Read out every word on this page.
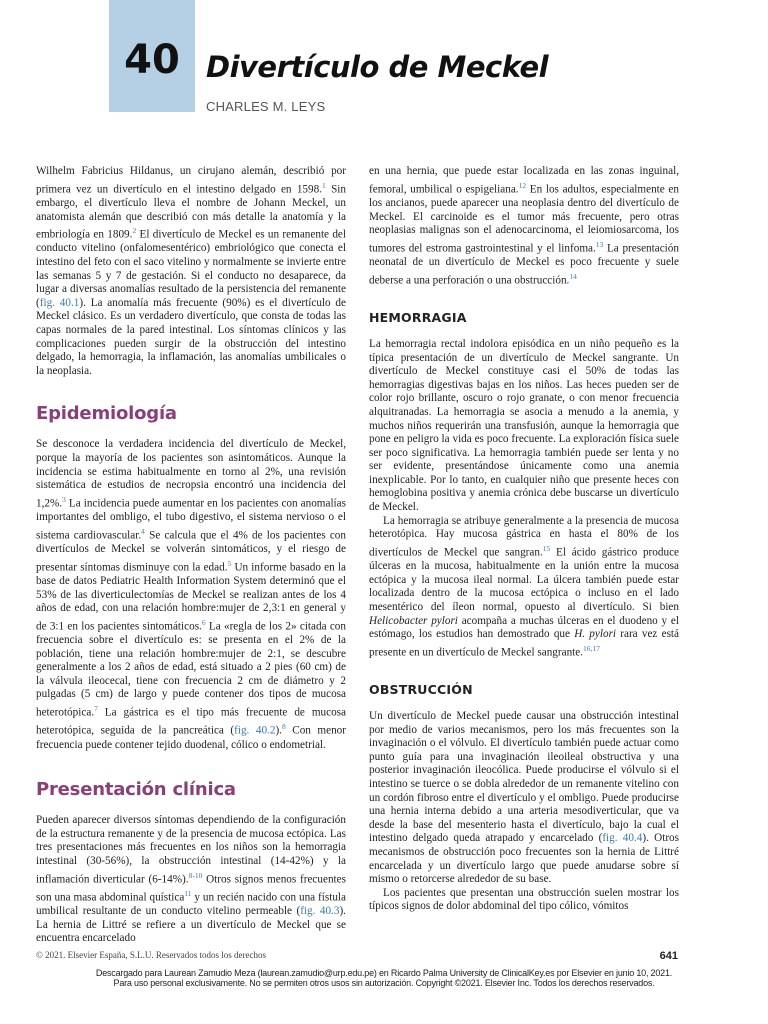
40 Divertículo de Meckel
CHARLES M. LEYS

Wilhelm Fabricius Hildanus, un cirujano alemán, describió por primera vez un divertículo en el intestino delgado en 1598.$^1$ Sin embargo, el divertículo lleva el nombre de Johann Meckel, un anatomista alemán que describió con más detalle la anatomía y la embriología en 1809.$^2$ El divertículo de Meckel es un remanente del conducto vitelino (onfalomesentérico) embriológico que conecta el intestino del feto con el saco vitelino y normalmente se invierte entre las semanas 5 y 7 de gestación. Si el conducto no desaparece, da lugar a diversas anomalías resultado de la persistencia del remanente (fig. 40.1). La anomalía más frecuente (90%) es el divertículo de Meckel clásico. Es un verdadero divertículo, que consta de todas las capas normales de la pared intestinal. Los síntomas clínicos y las complicaciones pueden surgir de la obstrucción del intestino delgado, la hemorragia, la inflamación, las anomalías umbilicales o la neoplasia.

Epidemiología

Se desconoce la verdadera incidencia del divertículo de Meckel, porque la mayoría de los pacientes son asintomáticos. Aunque la incidencia se estima habitualmente en torno al 2%, una revisión sistemática de estudios de necropsia encontró una incidencia del 1,2%.$^3$ La incidencia puede aumentar en los pacientes con anomalías importantes del ombligo, el tubo digestivo, el sistema nervioso o el sistema cardiovascular.$^4$ Se calcula que el 4% de los pacientes con divertículos de Meckel se volverán sintomáticos, y el riesgo de presentar síntomas disminuye con la edad.$^5$ Un informe basado en la base de datos Pediatric Health Information System determinó que el 53% de las diverticulectomías de Meckel se realizan antes de los 4 años de edad, con una relación hombre:mujer de 2,3:1 en general y de 3:1 en los pacientes sintomáticos.$^6$ La «regla de los 2» citada con frecuencia sobre el divertículo es: se presenta en el 2% de la población, tiene una relación hombre:mujer de 2:1, se descubre generalmente a los 2 años de edad, está situado a 2 pies (60 cm) de la válvula ileocecal, tiene con frecuencia 2 cm de diámetro y 2 pulgadas (5 cm) de largo y puede contener dos tipos de mucosa heterotópica.$^7$ La gástrica es el tipo más frecuente de mucosa heterotópica, seguida de la pancreática (fig. 40.2).$^8$ Con menor frecuencia puede contener tejido duodenal, cólico o endometrial.

Presentación clínica

Pueden aparecer diversos síntomas dependiendo de la configuración de la estructura remanente y de la presencia de mucosa ectópica. Las tres presentaciones más frecuentes en los niños son la hemorragia intestinal (30-56%), la obstrucción intestinal (14-42%) y la inflamación diverticular (6-14%).$^{8-10}$ Otros signos menos frecuentes son una masa abdominal quística$^{11}$ y un recién nacido con una fístula umbilical resultante de un conducto vitelino permeable (fig. 40.3). La hernia de Littré se refiere a un divertículo de Meckel que se encuentra encarcelado

en una hernia, que puede estar localizada en las zonas inguinal, femoral, umbilical o espigeliana.$^{12}$ En los adultos, especialmente en los ancianos, puede aparecer una neoplasia dentro del divertículo de Meckel. El carcinoide es el tumor más frecuente, pero otras neoplasias malignas son el adenocarcinoma, el leiomiosarcoma, los tumores del estroma gastrointestinal y el linfoma.$^{13}$ La presentación neonatal de un divertículo de Meckel es poco frecuente y suele deberse a una perforación o una obstrucción.$^{14}$

HEMORRAGIA

La hemorragia rectal indolora episódica en un niño pequeño es la típica presentación de un divertículo de Meckel sangrante. Un divertículo de Meckel constituye casi el 50% de todas las hemorragias digestivas bajas en los niños. Las heces pueden ser de color rojo brillante, oscuro o rojo granate, o con menor frecuencia alquitranadas. La hemorragia se asocia a menudo a la anemia, y muchos niños requerirán una transfusión, aunque la hemorragia que pone en peligro la vida es poco frecuente. La exploración física suele ser poco significativa. La hemorragia también puede ser lenta y no ser evidente, presentándose únicamente como una anemia inexplicable. Por lo tanto, en cualquier niño que presente heces con hemoglobina positiva y anemia crónica debe buscarse un divertículo de Meckel.

La hemorragia se atribuye generalmente a la presencia de mucosa heterotópica. Hay mucosa gástrica en hasta el 80% de los divertículos de Meckel que sangran.$^{15}$ El ácido gástrico produce úlceras en la mucosa, habitualmente en la unión entre la mucosa ectópica y la mucosa ileal normal. La úlcera también puede estar localizada dentro de la mucosa ectópica o incluso en el lado mesentérico del íleon normal, opuesto al divertículo. Si bien Helicobacter pylori acompaña a muchas úlceras en el duodeno y el estómago, los estudios han demostrado que H. pylori rara vez está presente en un divertículo de Meckel sangrante.$^{16,17}$

OBSTRUCCIÓN

Un divertículo de Meckel puede causar una obstrucción intestinal por medio de varios mecanismos, pero los más frecuentes son la invaginación o el vólvulo. El divertículo también puede actuar como punto guía para una invaginación ileoileal obstructiva y una posterior invaginación ileocólica. Puede producirse el vólvulo si el intestino se tuerce o se dobla alrededor de un remanente vitelino con un cordón fibroso entre el divertículo y el ombligo. Puede producirse una hernia interna debido a una arteria mesodiverticular, que va desde la base del mesenterio hasta el divertículo, bajo la cual el intestino delgado queda atrapado y encarcelado (fig. 40.4). Otros mecanismos de obstrucción poco frecuentes son la hernia de Littré encarcelada y un divertículo largo que puede anudarse sobre sí mismo o retorcerse alrededor de su base.

Los pacientes que presentan una obstrucción suelen mostrar los típicos signos de dolor abdominal del tipo cólico, vómitos

© 2021. Elsevier España, S.L.U. Reservados todos los derechos	641
Descargado para Laurean Zamudio Meza (laurean.zamudio@urp.edu.pe) en Ricardo Palma University de ClinicalKey.es por Elsevier en junio 10, 2021.
Para uso personal exclusivamente. No se permiten otros usos sin autorización. Copyright ©2021. Elsevier Inc. Todos los derechos reservados.
